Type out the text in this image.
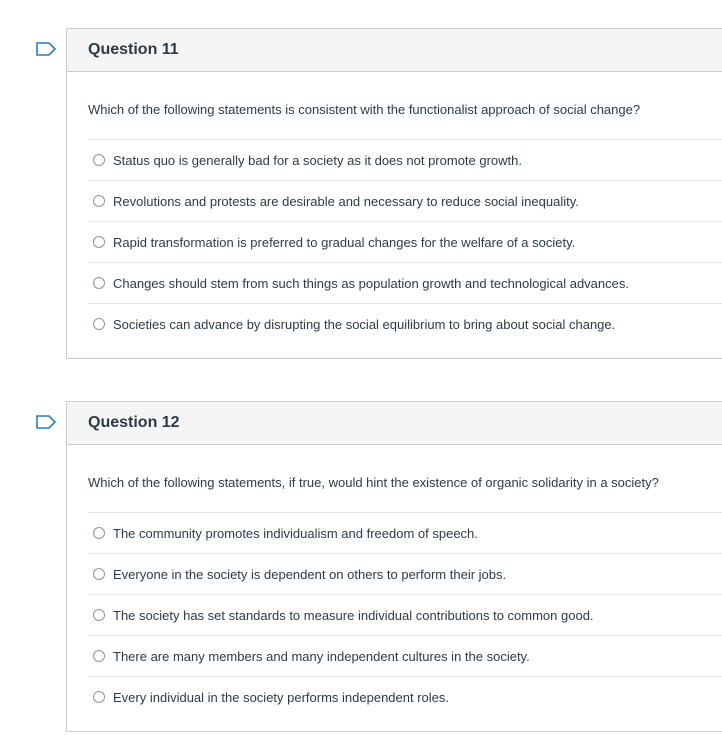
Question 11
Which of the following statements is consistent with the functionalist approach of social change?
Status quo is generally bad for a society as it does not promote growth.
Revolutions and protests are desirable and necessary to reduce social inequality.
Rapid transformation is preferred to gradual changes for the welfare of a society.
Changes should stem from such things as population growth and technological advances.
Societies can advance by disrupting the social equilibrium to bring about social change.
Question 12
Which of the following statements, if true, would hint the existence of organic solidarity in a society?
The community promotes individualism and freedom of speech.
Everyone in the society is dependent on others to perform their jobs.
The society has set standards to measure individual contributions to common good.
There are many members and many independent cultures in the society.
Every individual in the society performs independent roles.
